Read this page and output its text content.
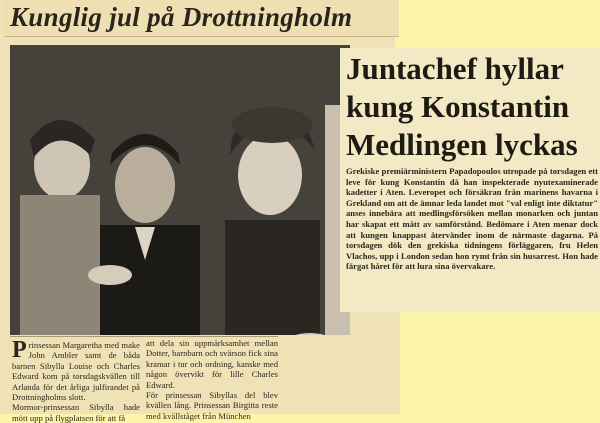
Kunglig jul på Drottningholm
Juntachef hyllar
kung Konstantin
Medlingen lyckas
Grekiske premiärministern Papadopoulos utropade på torsdagen ett leve för kung Konstantin då han inspekterade nyutexaminerade kadetter i Aten. Leveropet och försäkran från marinens havarna i Grekland om att de ämnar leda landet mot "val enligt inte diktatur" anses innebära att medlingsförsöken mellan monarken och juntan har skapat ett mått av samförstånd. Bedömare i Aten menar dock att kungen knappast återvänder inom de närmaste dagarna. På torsdagen dök den grekiska tidningens förläggaren, fru Helen Vlachos, upp i London sedan hon rymt från sin husarrest. Hon hade färgat håret för att lura sina övervakare.
P rinsessan Margaretha med make John Ambler samt de båda barnen Sibylla Louise och Charles Edward kom på torsdagskvällen till Arlanda för det årliga julfirandet på Drottningholms slott.
Mormor-prinsessan Sibylla hade mött upp på flygplatsen för att få
att dela sin uppmärksamhet mellan Dotter, barnbarn och svärson fick sina kramar i tur och ordning, kanske med någon övervikt för lille Charles Edward.
För prinsessan Sibyllas del blev kvällen lång. Prinsessan Birgitta reste med kvällståget från München
